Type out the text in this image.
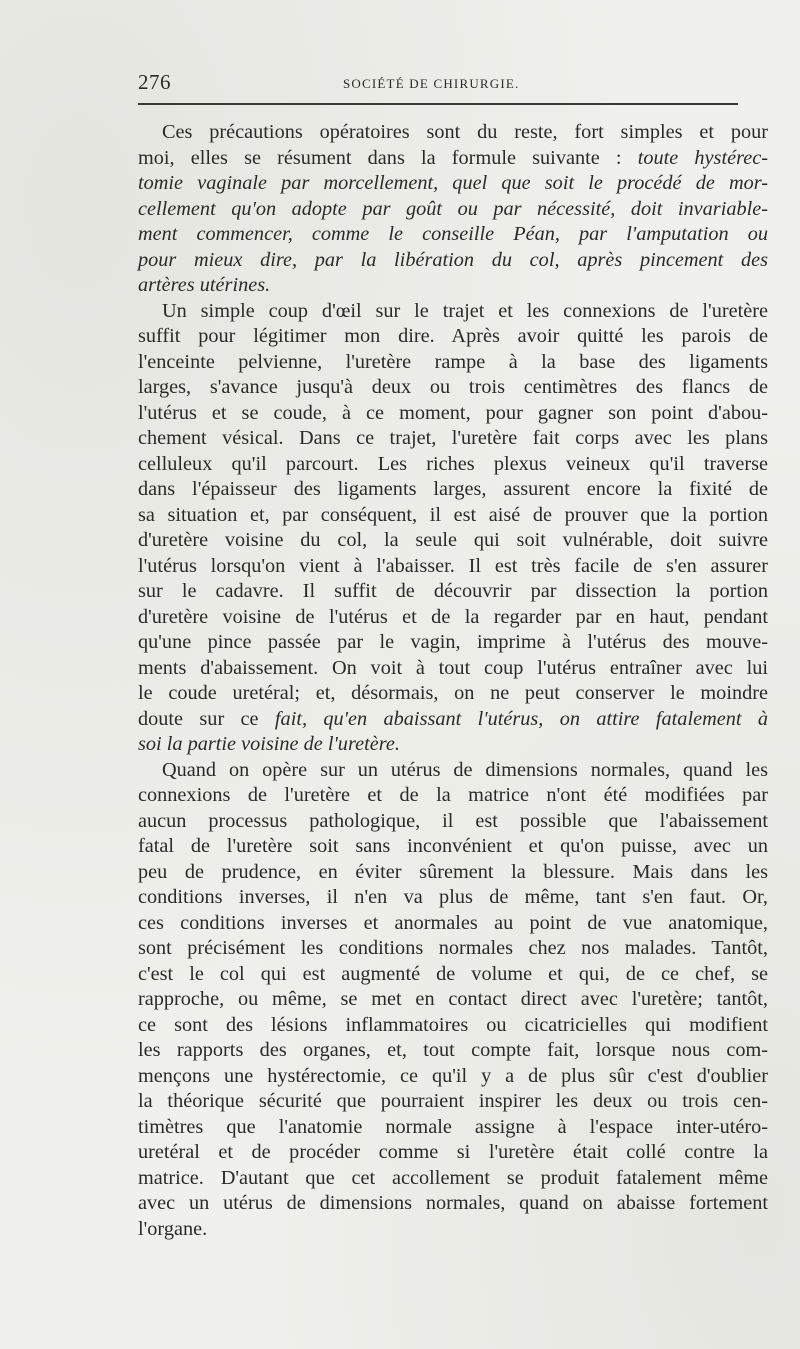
276	SOCIÉTÉ DE CHIRURGIE.
Ces précautions opératoires sont du reste, fort simples et pour
moi, elles se résument dans la formule suivante : toute hystérec-
tomie vaginale par morcellement, quel que soit le procédé de mor-
cellement qu'on adopte par goût ou par nécessité, doit invariable-
ment commencer, comme le conseille Péan, par l'amputation ou
pour mieux dire, par la libération du col, après pincement des
artères utérines.
Un simple coup d'œil sur le trajet et les connexions de l'uretère
suffit pour légitimer mon dire. Après avoir quitté les parois de
l'enceinte pelvienne, l'uretère rampe à la base des ligaments
larges, s'avance jusqu'à deux ou trois centimètres des flancs de
l'utérus et se coude, à ce moment, pour gagner son point d'abou-
chement vésical. Dans ce trajet, l'uretère fait corps avec les plans
celluleux qu'il parcourt. Les riches plexus veineux qu'il traverse
dans l'épaisseur des ligaments larges, assurent encore la fixité de
sa situation et, par conséquent, il est aisé de prouver que la portion
d'uretère voisine du col, la seule qui soit vulnérable, doit suivre
l'utérus lorsqu'on vient à l'abaisser. Il est très facile de s'en assurer
sur le cadavre. Il suffit de découvrir par dissection la portion
d'uretère voisine de l'utérus et de la regarder par en haut, pendant
qu'une pince passée par le vagin, imprime à l'utérus des mouve-
ments d'abaissement. On voit à tout coup l'utérus entraîner avec lui
le coude uretéral; et, désormais, on ne peut conserver le moindre
doute sur ce fait, qu'en abaissant l'utérus, on attire fatalement à
soi la partie voisine de l'uretère.
Quand on opère sur un utérus de dimensions normales, quand les
connexions de l'uretère et de la matrice n'ont été modifiées par
aucun processus pathologique, il est possible que l'abaissement
fatal de l'uretère soit sans inconvénient et qu'on puisse, avec un
peu de prudence, en éviter sûrement la blessure. Mais dans les
conditions inverses, il n'en va plus de même, tant s'en faut. Or,
ces conditions inverses et anormales au point de vue anatomique,
sont précisément les conditions normales chez nos malades. Tantôt,
c'est le col qui est augmenté de volume et qui, de ce chef, se
rapproche, ou même, se met en contact direct avec l'uretère; tantôt,
ce sont des lésions inflammatoires ou cicatricielles qui modifient
les rapports des organes, et, tout compte fait, lorsque nous com-
mençons une hystérectomie, ce qu'il y a de plus sûr c'est d'oublier
la théorique sécurité que pourraient inspirer les deux ou trois cen-
timètres que l'anatomie normale assigne à l'espace inter-utéro-
uretéral et de procéder comme si l'uretère était collé contre la
matrice. D'autant que cet accollement se produit fatalement même
avec un utérus de dimensions normales, quand on abaisse fortement
l'organe.
